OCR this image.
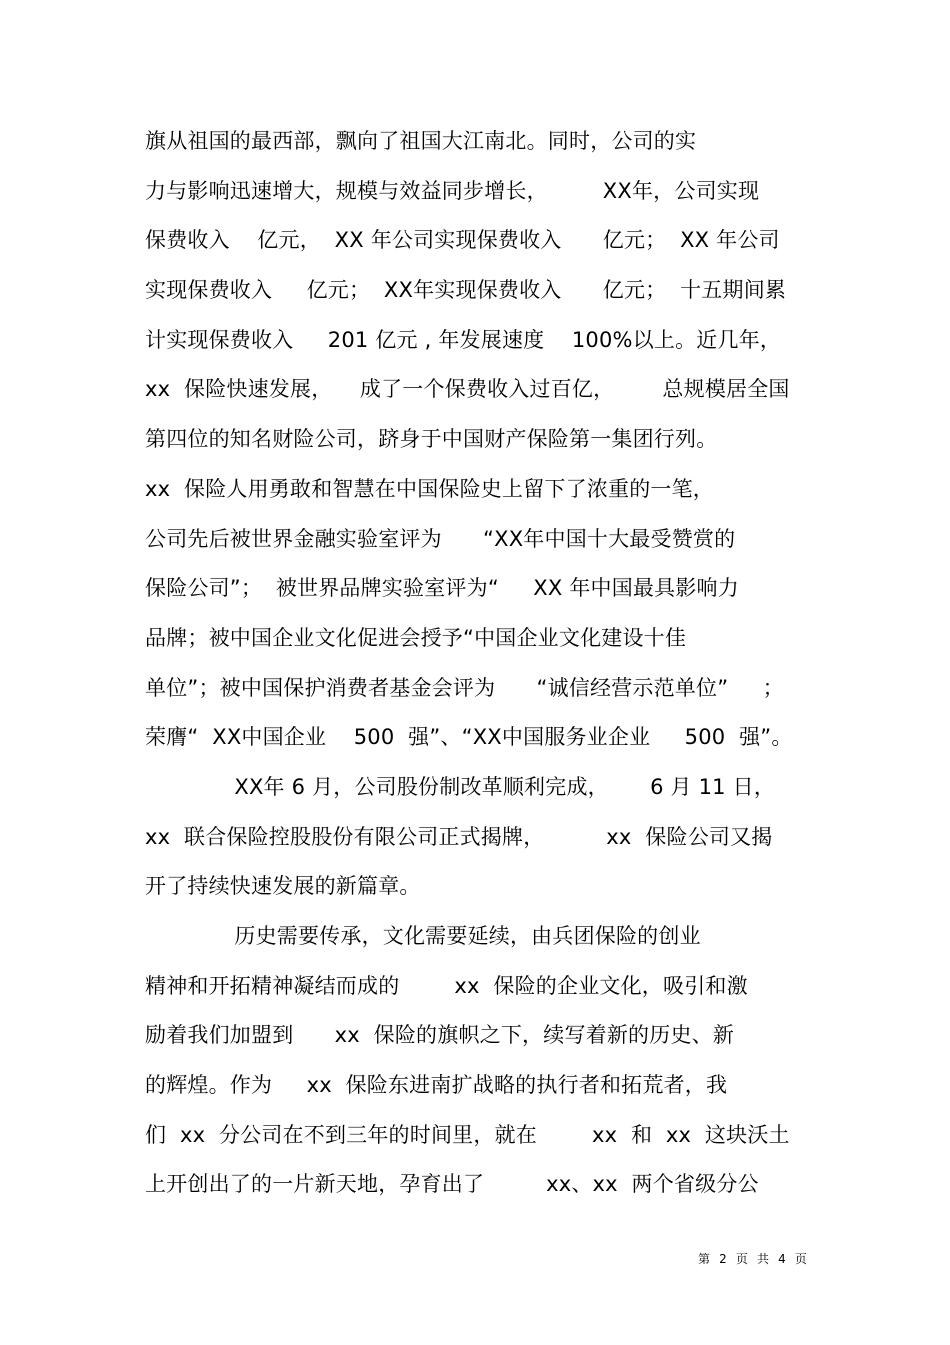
旗从祖国的最西部，飘向了祖国大江南北。同时，公司的实
力与影响迅速增大，规模与效益同步增长，        XX年，公司实现
保费收入    亿元，  XX 年公司实现保费收入      亿元；  XX 年公司
实现保费收入     亿元；  XX年实现保费收入      亿元；  十五期间累
计实现保费收入     201 亿元 , 年发展速度    100%以上。近几年，
xx  保险快速发展，    成了一个保费收入过百亿，       总规模居全国
第四位的知名财险公司，跻身于中国财产保险第一集团行列。
xx  保险人用勇敢和智慧在中国保险史上留下了浓重的一笔，
公司先后被世界金融实验室评为      “XX年中国十大最受赞赏的
保险公司”；  被世界品牌实验室评为“     XX 年中国最具影响力
品牌；被中国企业文化促进会授予“中国企业文化建设十佳
单位”；被中国保护消费者基金会评为      “诚信经营示范单位”     ；
荣膺“  XX中国企业    500  强”、“XX中国服务业企业     500  强”。
XX年 6 月，公司股份制改革顺利完成，      6 月 11 日，
xx  联合保险控股股份有限公司正式揭牌，         xx  保险公司又揭
开了持续快速发展的新篇章。
历史需要传承，文化需要延续，由兵团保险的创业
精神和开拓精神凝结而成的        xx  保险的企业文化，吸引和激
励着我们加盟到      xx  保险的旗帜之下，续写着新的历史、新
的辉煌。作为     xx  保险东进南扩战略的执行者和拓荒者，我
们  xx  分公司在不到三年的时间里，就在        xx  和  xx  这块沃土
上开创出了的一片新天地，孕育出了         xx、xx  两个省级分公
第  2  页  共  4  页
